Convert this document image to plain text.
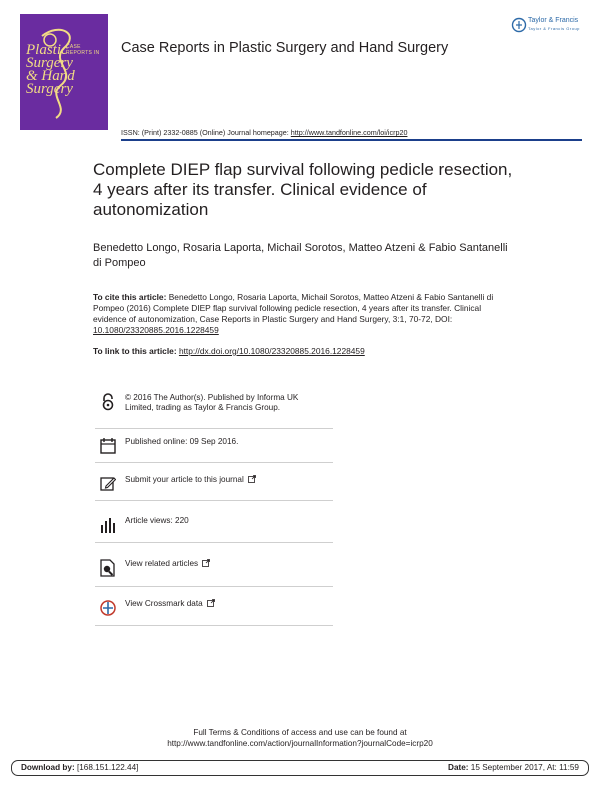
CASE REPORTS IN
Plastic Surgery
& Hand Surgery
Case Reports in Plastic Surgery and Hand Surgery
Taylor & Francis
Taylor & Francis Group
ISSN: (Print) 2332-0885 (Online) Journal homepage: http://www.tandfonline.com/loi/icrp20
Complete DIEP flap survival following pedicle resection, 4 years after its transfer. Clinical evidence of autonomization
Benedetto Longo, Rosaria Laporta, Michail Sorotos, Matteo Atzeni & Fabio Santanelli di Pompeo
To cite this article: Benedetto Longo, Rosaria Laporta, Michail Sorotos, Matteo Atzeni & Fabio Santanelli di Pompeo (2016) Complete DIEP flap survival following pedicle resection, 4 years after its transfer. Clinical evidence of autonomization, Case Reports in Plastic Surgery and Hand Surgery, 3:1, 70-72, DOI: 10.1080/23320885.2016.1228459
To link to this article: http://dx.doi.org/10.1080/23320885.2016.1228459
© 2016 The Author(s). Published by Informa UK Limited, trading as Taylor & Francis Group.
Published online: 09 Sep 2016.
Submit your article to this journal
Article views: 220
View related articles
View Crossmark data
Full Terms & Conditions of access and use can be found at
http://www.tandfonline.com/action/journalInformation?journalCode=icrp20
Download by: [168.151.122.44]	Date: 15 September 2017, At: 11:59
